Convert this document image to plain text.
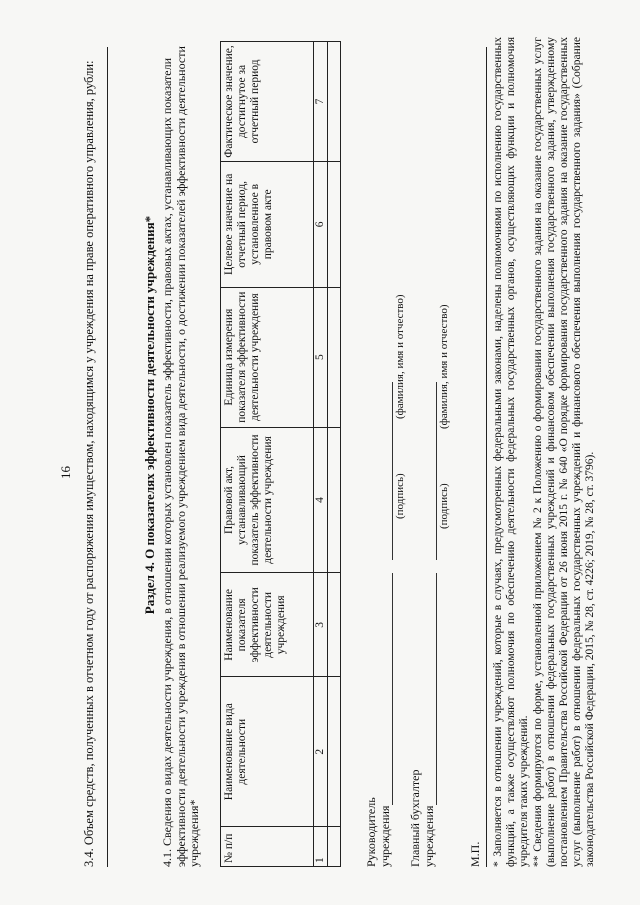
16 3.4. Объем средств, полученных в отчетном году от распоряжения имуществом, находящимся у учреждения на праве оперативного управления, рубли:	Раздел 4. О показателях эффективности деятельности учреждения* 4.1. Сведения о видах деятельности учреждения, в отношении которых установлен показатель эффективности, правовых актах, устанавливающих показатели эффективности деятельности учреждения в отношении реализуемого учреждением вида деятельности, о достижении показателей эффективности деятельности учреждения* № п/п	Наименование вида деятельности	Наименование показателя эффективности деятельности учреждения	Правовой акт, устанавливающий показатель эффективности деятельности учреждения	Единица измерения показателя эффективности деятельности учреждения	Целевое значение на отчетный период, установленное в правовом акте	Фактическое значение, достигнутое за отчетный период
1	2	3	4	5	6	7

Руководитель учреждения
(подпись)
(фамилия, имя и отчество)
Главный бухгалтер учреждения
(подпись)
(фамилия, имя и отчество)
М.П. * Заполняется в отношении учреждений, которые в случаях, предусмотренных федеральными законами, наделены полномочиями по исполнению государственных функций, а также осуществляют полномочия по обеспечению деятельности федеральных государственных органов, осуществляющих функции и полномочия учредителя таких учреждений. ** Сведения формируются по форме, установленной приложением № 2 к Положению о формировании государственного задания на оказание государственных услуг (выполнение работ) в отношении федеральных государственных учреждений и финансовом обеспечении выполнения государственного задания, утвержденному постановлением Правительства Российской Федерации от 26 июня 2015 г. № 640 «О порядке формирования государственного задания на оказание государственных услуг (выполнение работ) в отношении федеральных государственных учреждений и финансового обеспечения выполнения государственного задания» (Собрание законодательства Российской Федерации, 2015, № 28, ст. 4226; 2019, № 28, ст. 3796).
